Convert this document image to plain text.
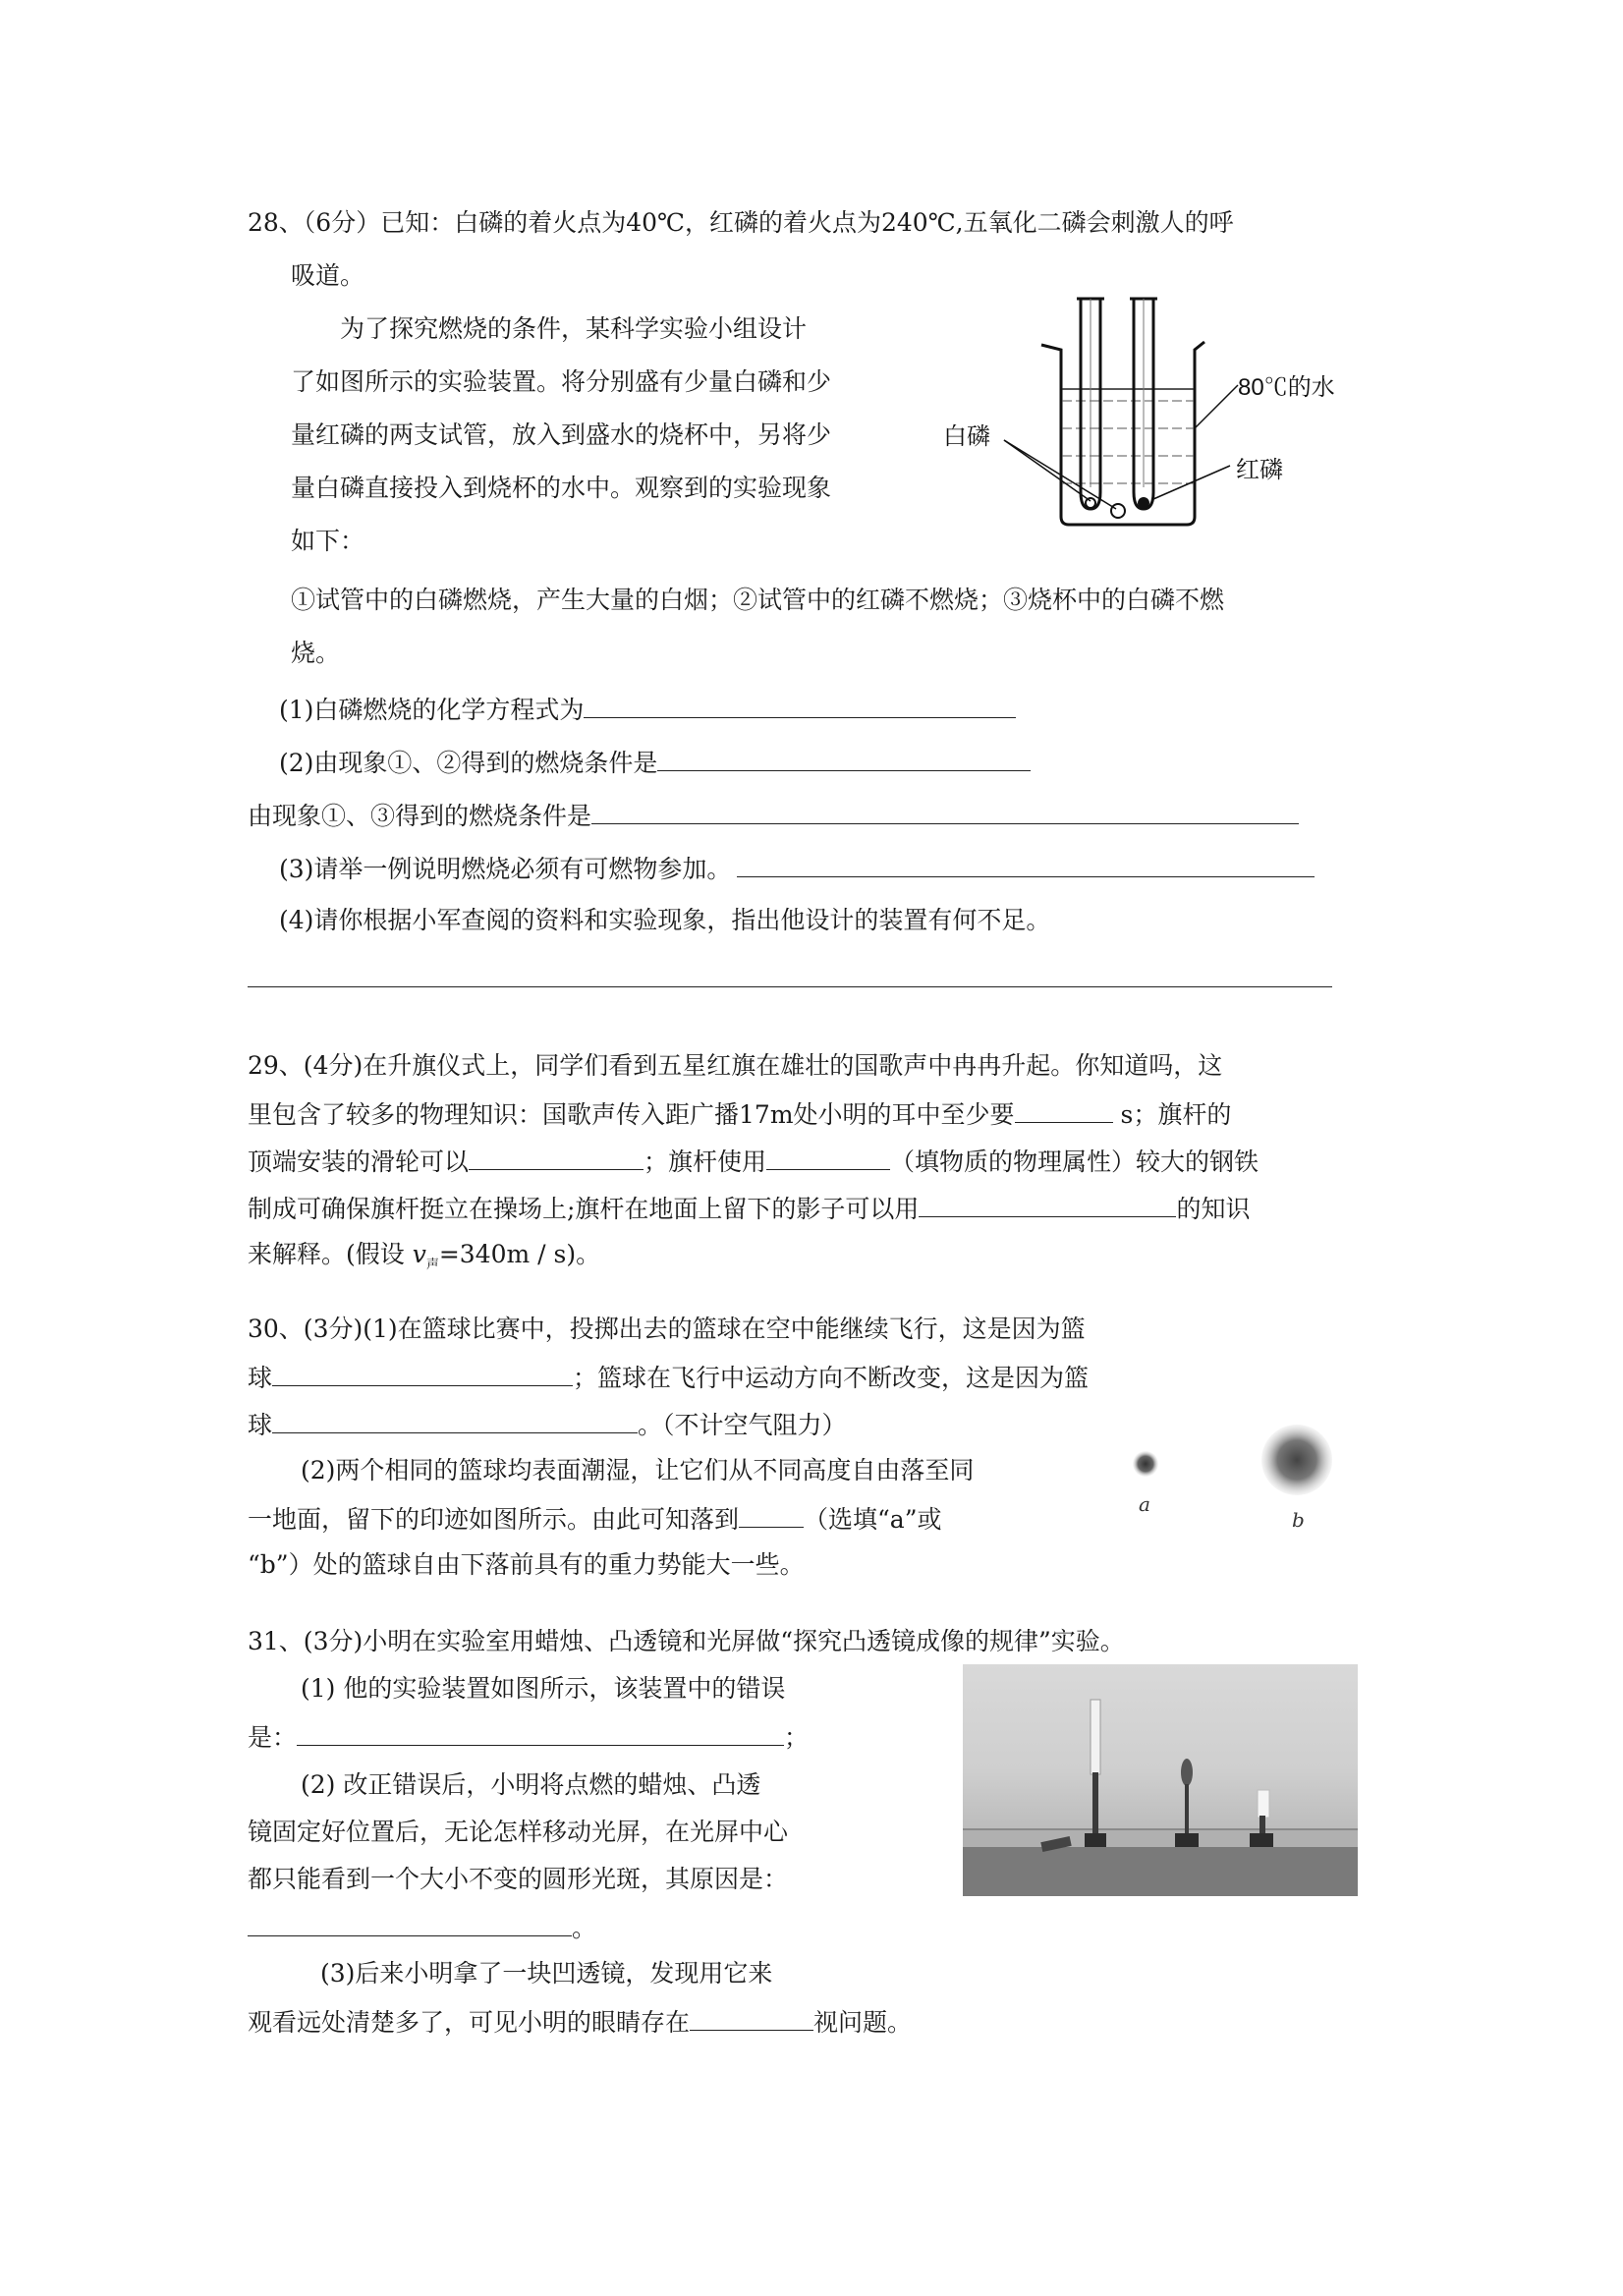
28、（6分）已知：白磷的着火点为40℃，红磷的着火点为240℃,五氧化二磷会刺激人的呼
吸道。
为了探究燃烧的条件，某科学实验小组设计
了如图所示的实验装置。将分别盛有少量白磷和少
量红磷的两支试管，放入到盛水的烧杯中，另将少
量白磷直接投入到烧杯的水中。观察到的实验现象
如下：
80℃的水
白磷
红磷
①试管中的白磷燃烧，产生大量的白烟；②试管中的红磷不燃烧；③烧杯中的白磷不燃
烧。
(1)白磷燃烧的化学方程式为
(2)由现象①、②得到的燃烧条件是
由现象①、③得到的燃烧条件是
(3)请举一例说明燃烧必须有可燃物参加。
(4)请你根据小军查阅的资料和实验现象，指出他设计的装置有何不足。
29、(4分)在升旗仪式上，同学们看到五星红旗在雄壮的国歌声中冉冉升起。你知道吗，这
里包含了较多的物理知识：国歌声传入距广播17m处小明的耳中至少要	s；旗杆的
顶端安装的滑轮可以	；旗杆使用	（填物质的物理属性）较大的钢铁
制成可确保旗杆挺立在操场上;旗杆在地面上留下的影子可以用	的知识
来解释。(假设 $v_声=340m / s$)。
30、(3分)(1)在篮球比赛中，投掷出去的篮球在空中能继续飞行，这是因为篮
球	；篮球在飞行中运动方向不断改变，这是因为篮
球	。（不计空气阻力）
(2)两个相同的篮球均表面潮湿，让它们从不同高度自由落至同
一地面，留下的印迹如图所示。由此可知落到	（选填“a”或
“b”）处的篮球自由下落前具有的重力势能大一些。
a
b
31、(3分)小明在实验室用蜡烛、凸透镜和光屏做“探究凸透镜成像的规律”实验。
(1) 他的实验装置如图所示，该装置中的错误
是：	；
(2) 改正错误后，小明将点燃的蜡烛、凸透
镜固定好位置后，无论怎样移动光屏，在光屏中心
都只能看到一个大小不变的圆形光斑，其原因是：
。
(3)后来小明拿了一块凹透镜，发现用它来
观看远处清楚多了，可见小明的眼睛存在	视问题。
